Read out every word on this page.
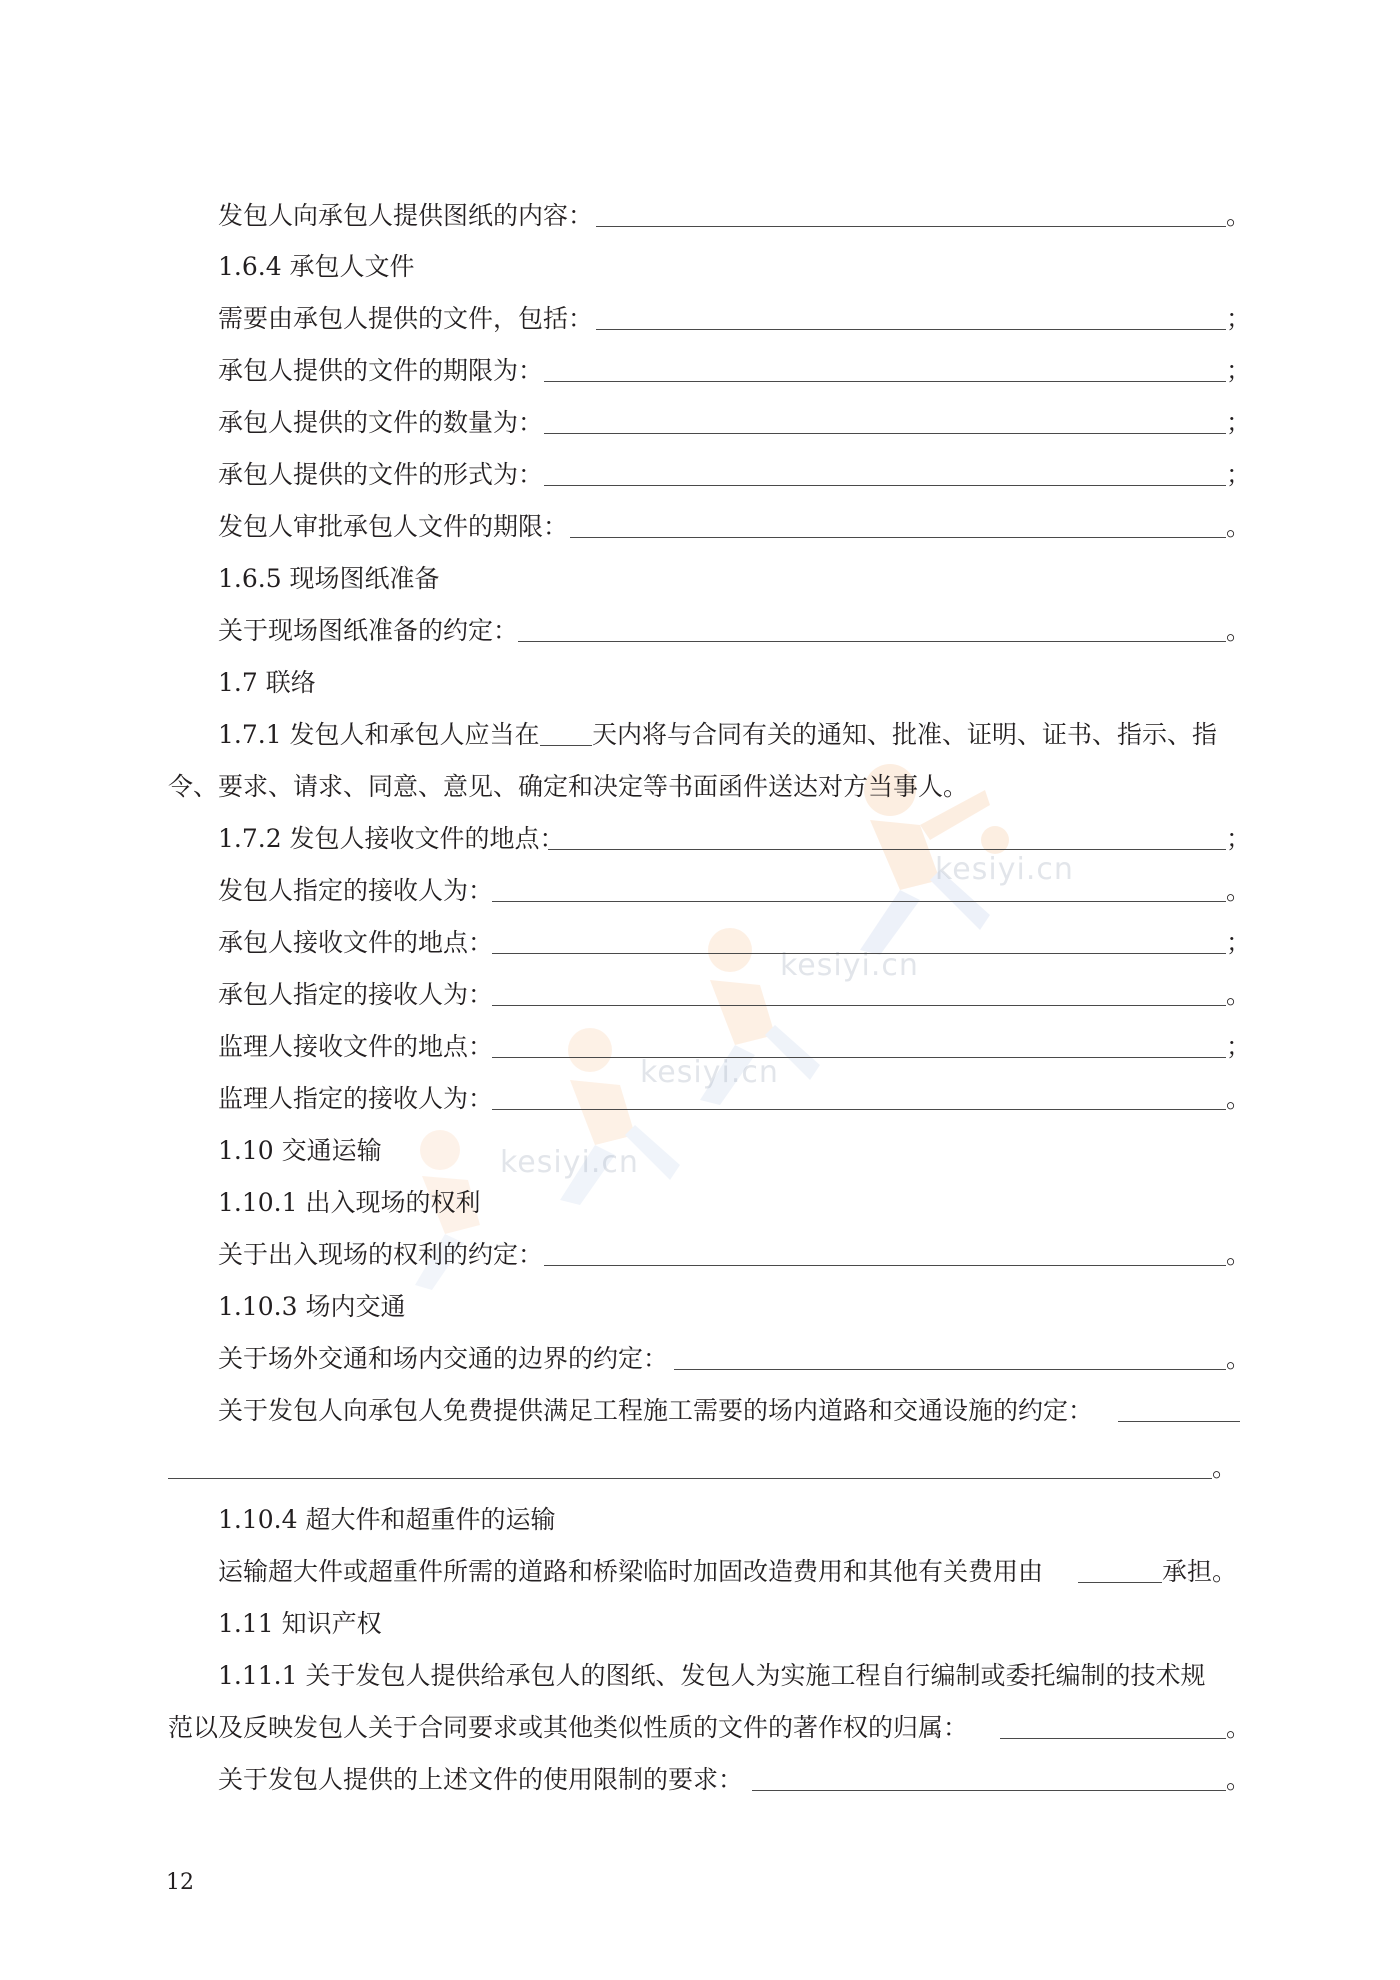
kesiyi.cn
kesiyi.cn
kesiyi.cn
kesiyi.cn
发包人向承包人提供图纸的内容：	。
1.6.4 承包人文件
需要由承包人提供的文件，包括：	；
承包人提供的文件的期限为：	；
承包人提供的文件的数量为：	；
承包人提供的文件的形式为：	；
发包人审批承包人文件的期限：	。
1.6.5 现场图纸准备
关于现场图纸准备的约定：	。
1.7 联络
1.7.1 发包人和承包人应当在 天内将与合同有关的通知、批准、证明、证书、指示、指
令、要求、请求、同意、意见、确定和决定等书面函件送达对方当事人。
1.7.2 发包人接收文件的地点：	；
发包人指定的接收人为：	。
承包人接收文件的地点：	；
承包人指定的接收人为：	。
监理人接收文件的地点：	；
监理人指定的接收人为：	。
1.10 交通运输
1.10.1 出入现场的权利
关于出入现场的权利的约定：	。
1.10.3 场内交通
关于场外交通和场内交通的边界的约定：	。
关于发包人向承包人免费提供满足工程施工需要的场内道路和交通设施的约定：
。
1.10.4 超大件和超重件的运输
运输超大件或超重件所需的道路和桥梁临时加固改造费用和其他有关费用由	承担。
1.11 知识产权
1.11.1 关于发包人提供给承包人的图纸、发包人为实施工程自行编制或委托编制的技术规
范以及反映发包人关于合同要求或其他类似性质的文件的著作权的归属：	。
关于发包人提供的上述文件的使用限制的要求：	。
12
